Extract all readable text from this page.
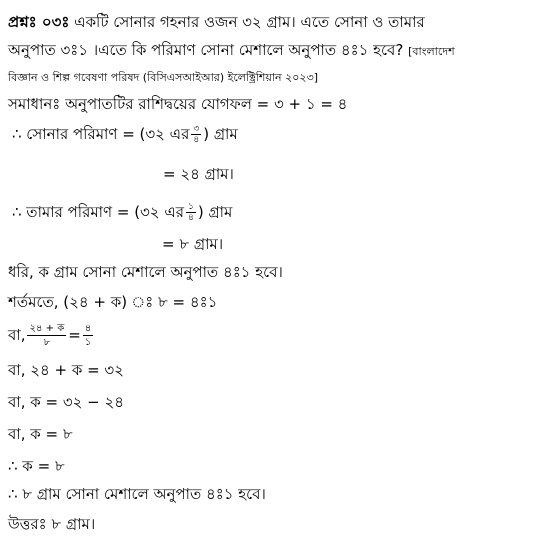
প্রশ্নঃ ০৩ঃ একটি সোনার গহনার ওজন ৩২ গ্রাম। এতে সোনা ও তামার
অনুপাত ৩ঃ১ ।এতে কি পরিমাণ সোনা মেশালে অনুপাত ৪ঃ১ হবে? [বাংলাদেশ
বিজ্ঞান ও শিল্প গবেষণা পরিষদ (বিসিএসআইআর) ইলেক্ট্রিশিয়ান ২০২৩]
সমাধানঃ অনুপাতটির রাশিদ্বয়ের যোগফল = ৩ + ১ = ৪
∴ সোনার পরিমাণ = (৩২ এর $\frac{৩}{৪}$ ) গ্রাম
= ২৪ গ্রাম।
∴ তামার পরিমাণ = (৩২ এর $\frac{১}{৪}$ ) গ্রাম
= ৮ গ্রাম।
ধরি, ক গ্রাম সোনা মেশালে অনুপাত ৪ঃ১ হবে।
শর্তমতে, (২৪ + ক) ঃ ৮ = ৪ঃ১
বা, $\frac{\text{২৪ + ক}}{৮} = \frac{৪}{১}$
বা, ২৪ + ক = ৩২
বা, ক = ৩২ − ২৪
বা, ক = ৮
∴ ক = ৮
∴ ৮ গ্রাম সোনা মেশালে অনুপাত ৪ঃ১ হবে।
উত্তরঃ ৮ গ্রাম।
